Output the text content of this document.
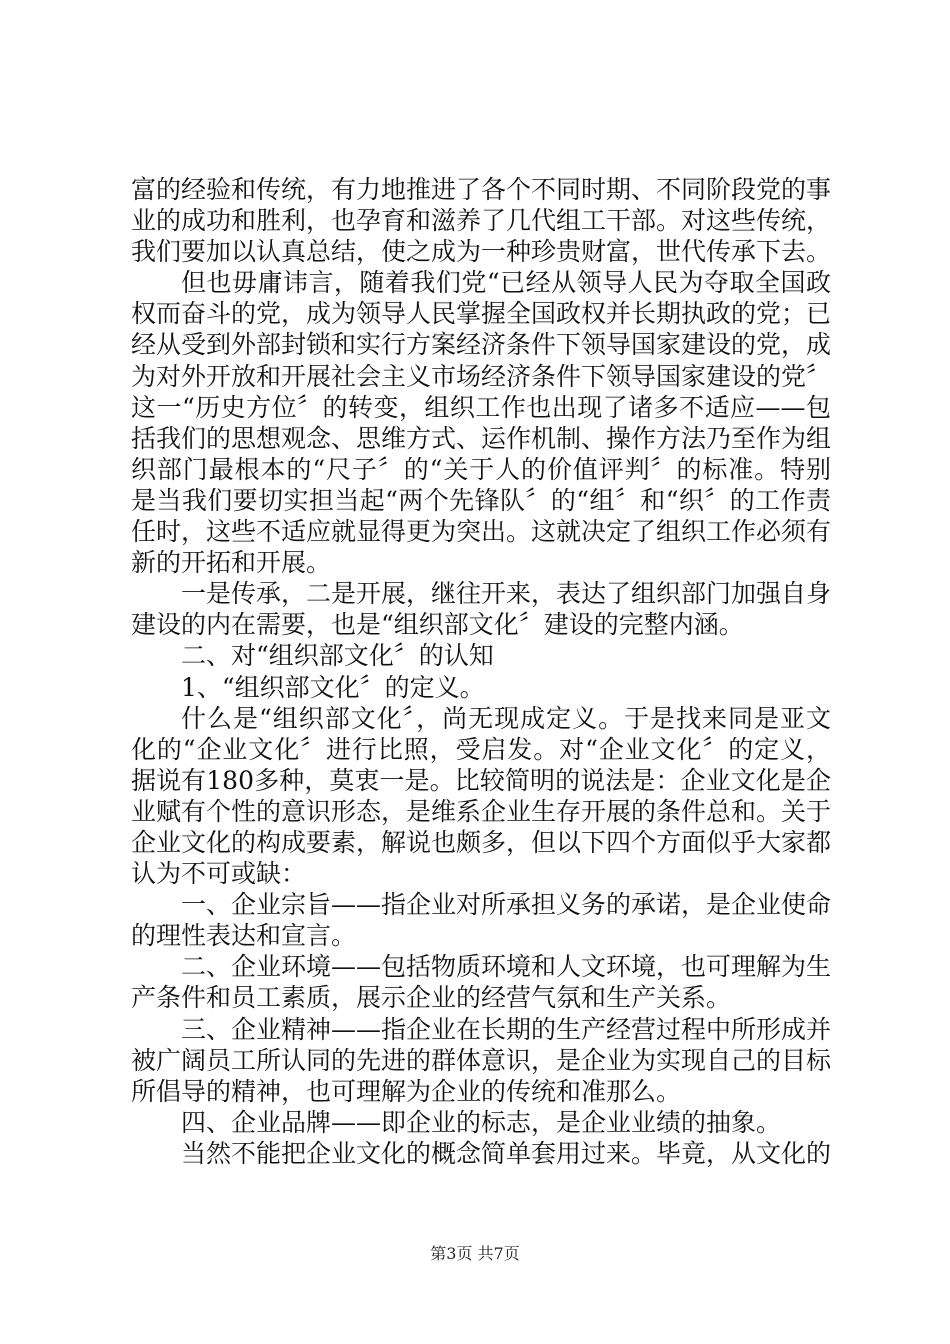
富的经验和传统，有力地推进了各个不同时期、不同阶段党的事业的成功和胜利，也孕育和滋养了几代组工干部。对这些传统，我们要加以认真总结，使之成为一种珍贵财富，世代传承下去。

但也毋庸讳言，随着我们党“已经从领导人民为夺取全国政权而奋斗的党，成为领导人民掌握全国政权并长期执政的党；已经从受到外部封锁和实行方案经济条件下领导国家建设的党，成为对外开放和开展社会主义市场经济条件下领导国家建设的党〞这一“历史方位〞的转变，组织工作也出现了诸多不适应——包括我们的思想观念、思维方式、运作机制、操作方法乃至作为组织部门最根本的“尺子〞的“关于人的价值评判〞的标准。特别是当我们要切实担当起“两个先锋队〞的“组〞和“织〞的工作责任时，这些不适应就显得更为突出。这就决定了组织工作必须有新的开拓和开展。

一是传承，二是开展，继往开来，表达了组织部门加强自身建设的内在需要，也是“组织部文化〞建设的完整内涵。

二、对“组织部文化〞的认知

1、“组织部文化〞的定义。

什么是“组织部文化〞，尚无现成定义。于是找来同是亚文化的“企业文化〞进行比照，受启发。对“企业文化〞的定义，据说有180多种，莫衷一是。比较简明的说法是：企业文化是企业赋有个性的意识形态，是维系企业生存开展的条件总和。关于企业文化的构成要素，解说也颇多，但以下四个方面似乎大家都认为不可或缺：

一、企业宗旨——指企业对所承担义务的承诺，是企业使命的理性表达和宣言。

二、企业环境——包括物质环境和人文环境，也可理解为生产条件和员工素质，展示企业的经营气氛和生产关系。

三、企业精神——指企业在长期的生产经营过程中所形成并被广阔员工所认同的先进的群体意识，是企业为实现自己的目标所倡导的精神，也可理解为企业的传统和准那么。

四、企业品牌——即企业的标志，是企业业绩的抽象。

当然不能把企业文化的概念简单套用过来。毕竟，从文化的

第3页 共7页
